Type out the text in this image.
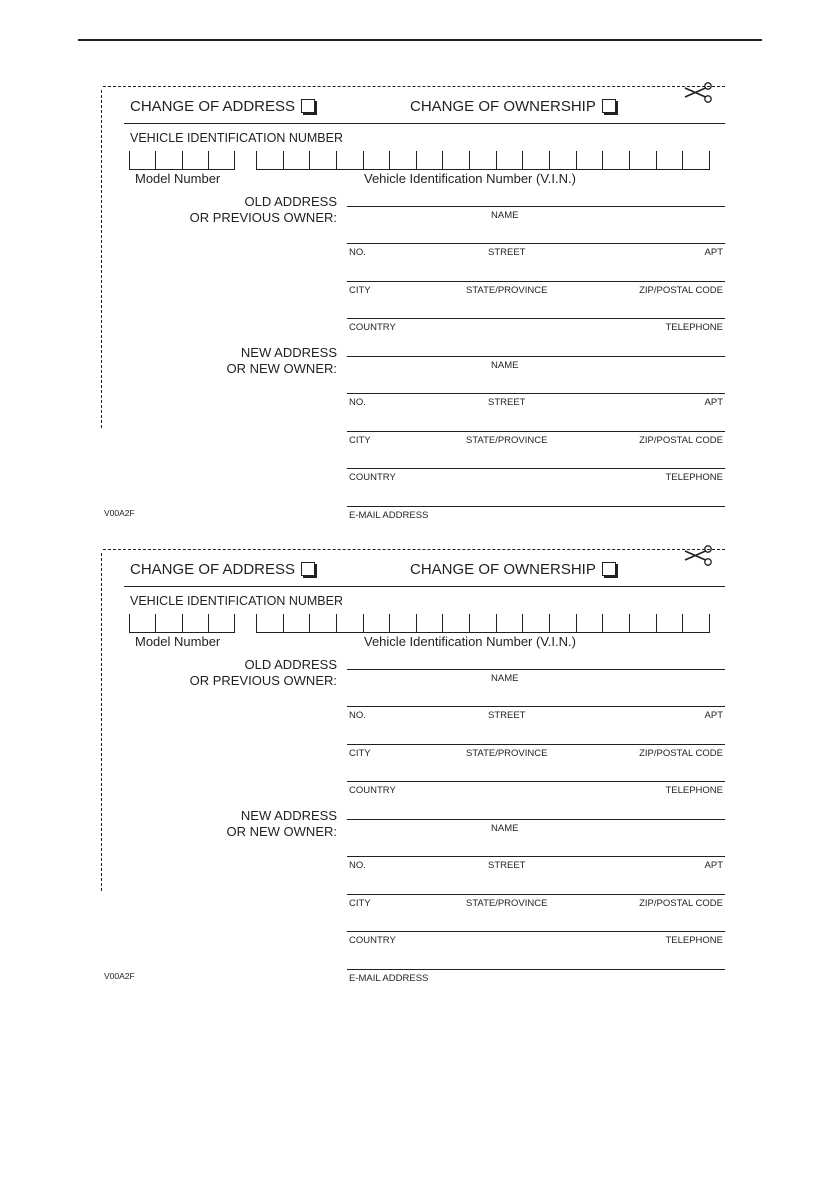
CHANGE OF ADDRESS	CHANGE OF OWNERSHIP
VEHICLE IDENTIFICATION NUMBER
Model Number	Vehicle Identification Number (V.I.N.)
OLD ADDRESS
OR PREVIOUS OWNER:	NAME
NO.	STREET	APT
CITY	STATE/PROVINCE	ZIP/POSTAL CODE
COUNTRY	TELEPHONE
NEW ADDRESS
OR NEW OWNER:	NAME
NO.	STREET	APT
CITY	STATE/PROVINCE	ZIP/POSTAL CODE
COUNTRY	TELEPHONE
E-MAIL ADDRESS
V00A2F
CHANGE OF ADDRESS	CHANGE OF OWNERSHIP
VEHICLE IDENTIFICATION NUMBER
Model Number	Vehicle Identification Number (V.I.N.)
OLD ADDRESS
OR PREVIOUS OWNER:	NAME
NO.	STREET	APT
CITY	STATE/PROVINCE	ZIP/POSTAL CODE
COUNTRY	TELEPHONE
NEW ADDRESS
OR NEW OWNER:	NAME
NO.	STREET	APT
CITY	STATE/PROVINCE	ZIP/POSTAL CODE
COUNTRY	TELEPHONE
E-MAIL ADDRESS
V00A2F
